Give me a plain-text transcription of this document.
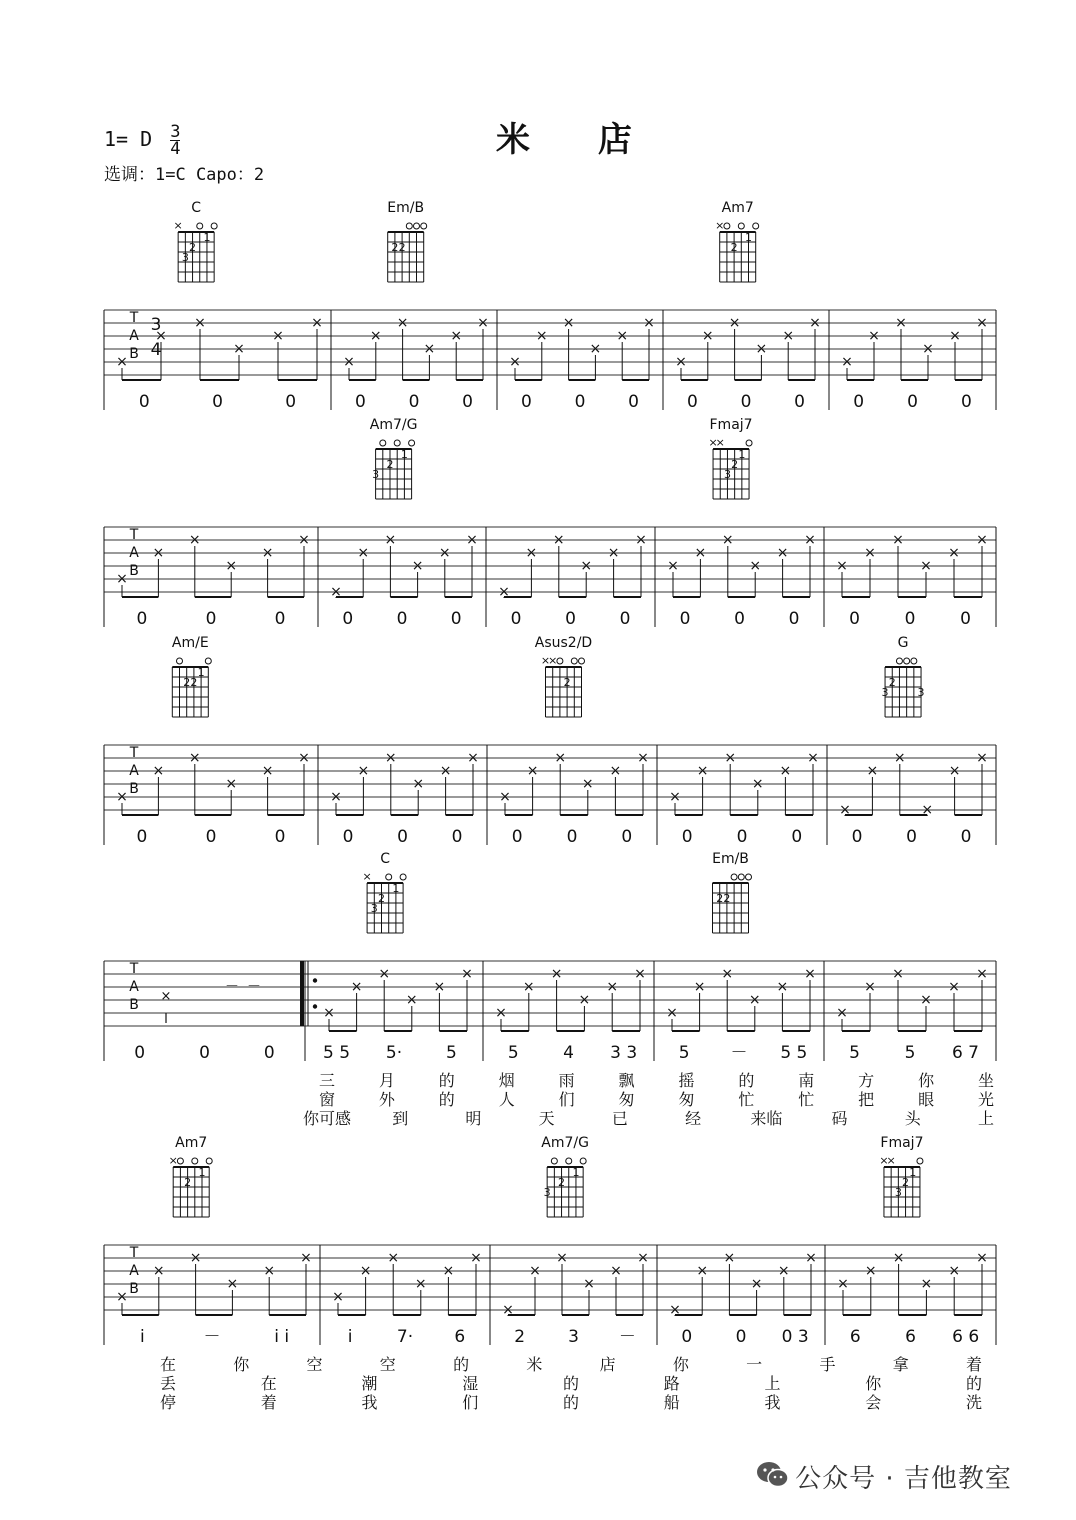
1= D $\frac{3}{4}$	米 店
选调：1=C Capo：2
T
A
B
3
4
C
×
3
2
1
×
×
×
×
×
×
0	0	0
Em/B
2 2
×
×
×
×
×
×
0	0	0
×
×
×
×
×
×
0	0	0
Am7
×
2
1
×
×
×
×
×
×
0	0	0
×
×
×
×
×
×
0	0	0
T
A
B
×
×
×
×
×
×
0	0	0
Am7/G
3
2
1
×
×
×
×
×
×
0	0	0
×
×
×
×
×
×
0	0	0
Fmaj7
×
×
3
2
1
×
×
×
×
×
×
0	0	0
×
×
×
×
×
×
0	0	0
T
A
B
Am/E
2 2
1
×
×
×
×
×
×
0	0	0
×
×
×
×
×
×
0	0	0
Asus2/D
×
×
2
×
×
×
×
×
×
0	0	0
×
×
×
×
×
×
0	0	0
G
3
2
3
×
×
×
×
×
×
0	0	0
T
A
B
×
－ －
0	0	0
C
×
3
2
1
×
×
×
×
×
×
5 5 5·	5
×
×
×
×
×
×
5	4 3 3
Em/B
2 2
×
×
×
×
×
×
5 － 5 5
×
×
×
×
×
×
5	5 6 7
三	月	的	烟	雨	飘	摇	的	南	方	你	坐
窗	外	的	人	们	匆	匆	忙	忙	把	眼	光
你可感	到	明	天	已	经	来临	码	头	上
T
A
B
Am7
×
2
1
×
×
×
×
×
×
i	－	i i
×
×
×
×
×
×
i	7· 6
Am7/G
3
2
1
×
×
×
×
×
×
2	3 －
×
×
×
×
×
×
0	0 0 3
Fmaj7
×
×
3
2
1
×
×
×
×
×
×
6	6 6 6
在	你	空	空	的	米	店	你	一	手	拿	着
丢	在	潮	湿	的	路	上	你	的
停	着	我	们	的	船	我	会	洗
公众号 · 吉他教室
